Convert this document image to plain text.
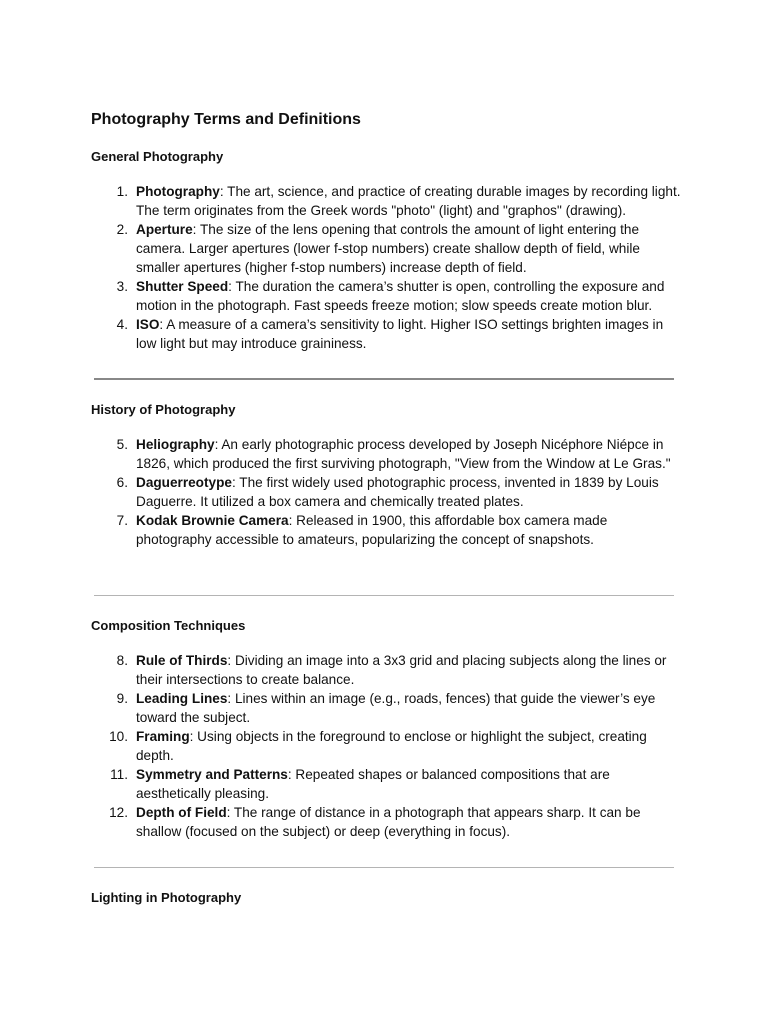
Photography Terms and Definitions
General Photography
1. Photography: The art, science, and practice of creating durable images by recording light. The term originates from the Greek words "photo" (light) and "graphos" (drawing).
2. Aperture: The size of the lens opening that controls the amount of light entering the camera. Larger apertures (lower f-stop numbers) create shallow depth of field, while smaller apertures (higher f-stop numbers) increase depth of field.
3. Shutter Speed: The duration the camera’s shutter is open, controlling the exposure and motion in the photograph. Fast speeds freeze motion; slow speeds create motion blur.
4. ISO: A measure of a camera’s sensitivity to light. Higher ISO settings brighten images in low light but may introduce graininess.
History of Photography
5. Heliography: An early photographic process developed by Joseph Nicéphore Niépce in 1826, which produced the first surviving photograph, "View from the Window at Le Gras."
6. Daguerreotype: The first widely used photographic process, invented in 1839 by Louis Daguerre. It utilized a box camera and chemically treated plates.
7. Kodak Brownie Camera: Released in 1900, this affordable box camera made photography accessible to amateurs, popularizing the concept of snapshots.
Composition Techniques
8. Rule of Thirds: Dividing an image into a 3x3 grid and placing subjects along the lines or their intersections to create balance.
9. Leading Lines: Lines within an image (e.g., roads, fences) that guide the viewer’s eye toward the subject.
10. Framing: Using objects in the foreground to enclose or highlight the subject, creating depth.
11. Symmetry and Patterns: Repeated shapes or balanced compositions that are aesthetically pleasing.
12. Depth of Field: The range of distance in a photograph that appears sharp. It can be shallow (focused on the subject) or deep (everything in focus).
Lighting in Photography
